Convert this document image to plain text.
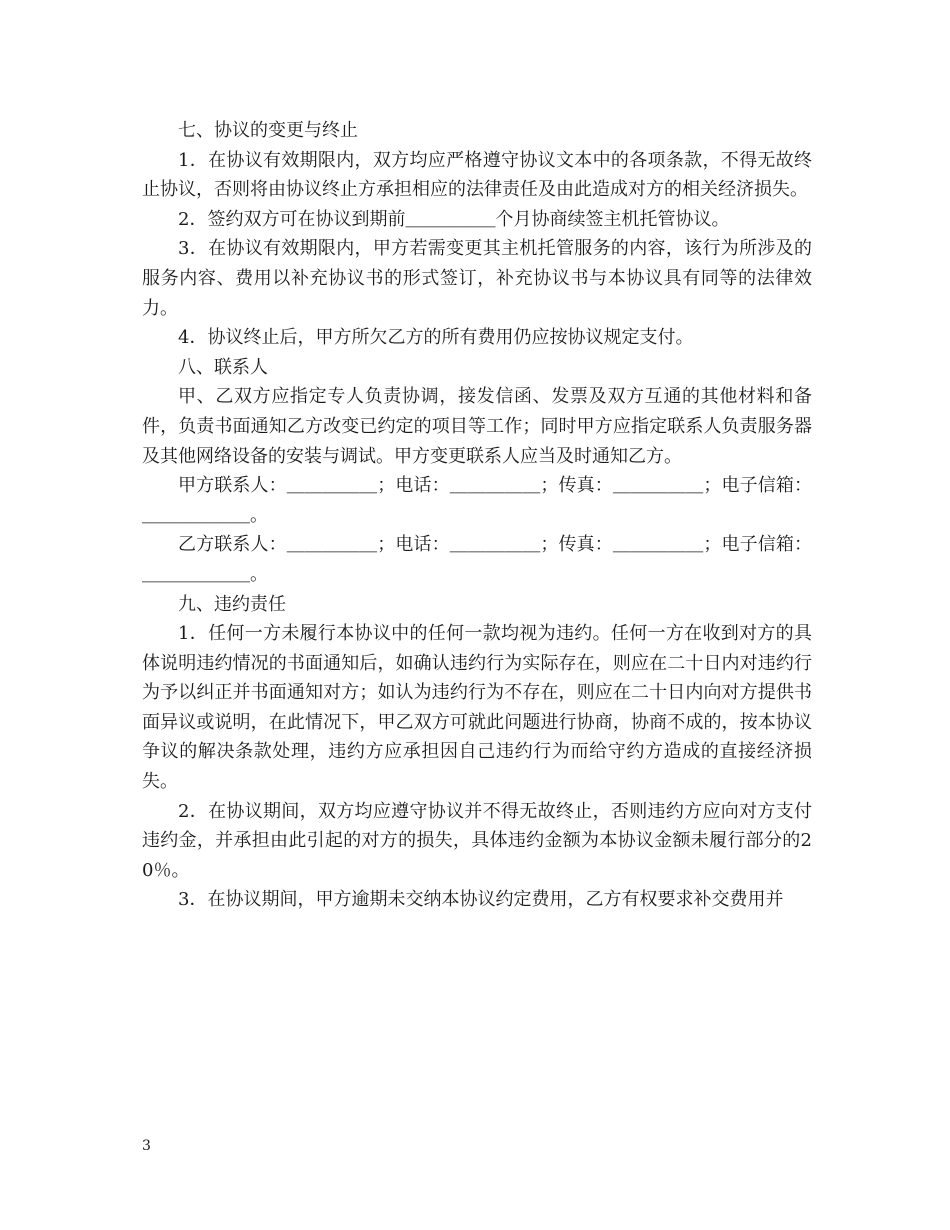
七、协议的变更与终止

1．在协议有效期限内，双方均应严格遵守协议文本中的各项条款，不得无故终止协议，否则将由协议终止方承担相应的法律责任及由此造成对方的相关经济损失。

2．签约双方可在协议到期前＿＿＿＿＿个月协商续签主机托管协议。

3．在协议有效期限内，甲方若需变更其主机托管服务的内容，该行为所涉及的服务内容、费用以补充协议书的形式签订，补充协议书与本协议具有同等的法律效力。

4．协议终止后，甲方所欠乙方的所有费用仍应按协议规定支付。

八、联系人

甲、乙双方应指定专人负责协调，接发信函、发票及双方互通的其他材料和备件，负责书面通知乙方改变已约定的项目等工作；同时甲方应指定联系人负责服务器及其他网络设备的安装与调试。甲方变更联系人应当及时通知乙方。

甲方联系人：＿＿＿＿＿；电话：＿＿＿＿＿；传真：＿＿＿＿＿；电子信箱：＿＿＿＿＿＿。

乙方联系人：＿＿＿＿＿；电话：＿＿＿＿＿；传真：＿＿＿＿＿；电子信箱：＿＿＿＿＿＿。

九、违约责任

1．任何一方未履行本协议中的任何一款均视为违约。任何一方在收到对方的具体说明违约情况的书面通知后，如确认违约行为实际存在，则应在二十日内对违约行为予以纠正并书面通知对方；如认为违约行为不存在，则应在二十日内向对方提供书面异议或说明，在此情况下，甲乙双方可就此问题进行协商，协商不成的，按本协议争议的解决条款处理，违约方应承担因自己违约行为而给守约方造成的直接经济损失。

2．在协议期间，双方均应遵守协议并不得无故终止，否则违约方应向对方支付违约金，并承担由此引起的对方的损失，具体违约金额为本协议金额未履行部分的20％。

3．在协议期间，甲方逾期未交纳本协议约定费用，乙方有权要求补交费用并

3
